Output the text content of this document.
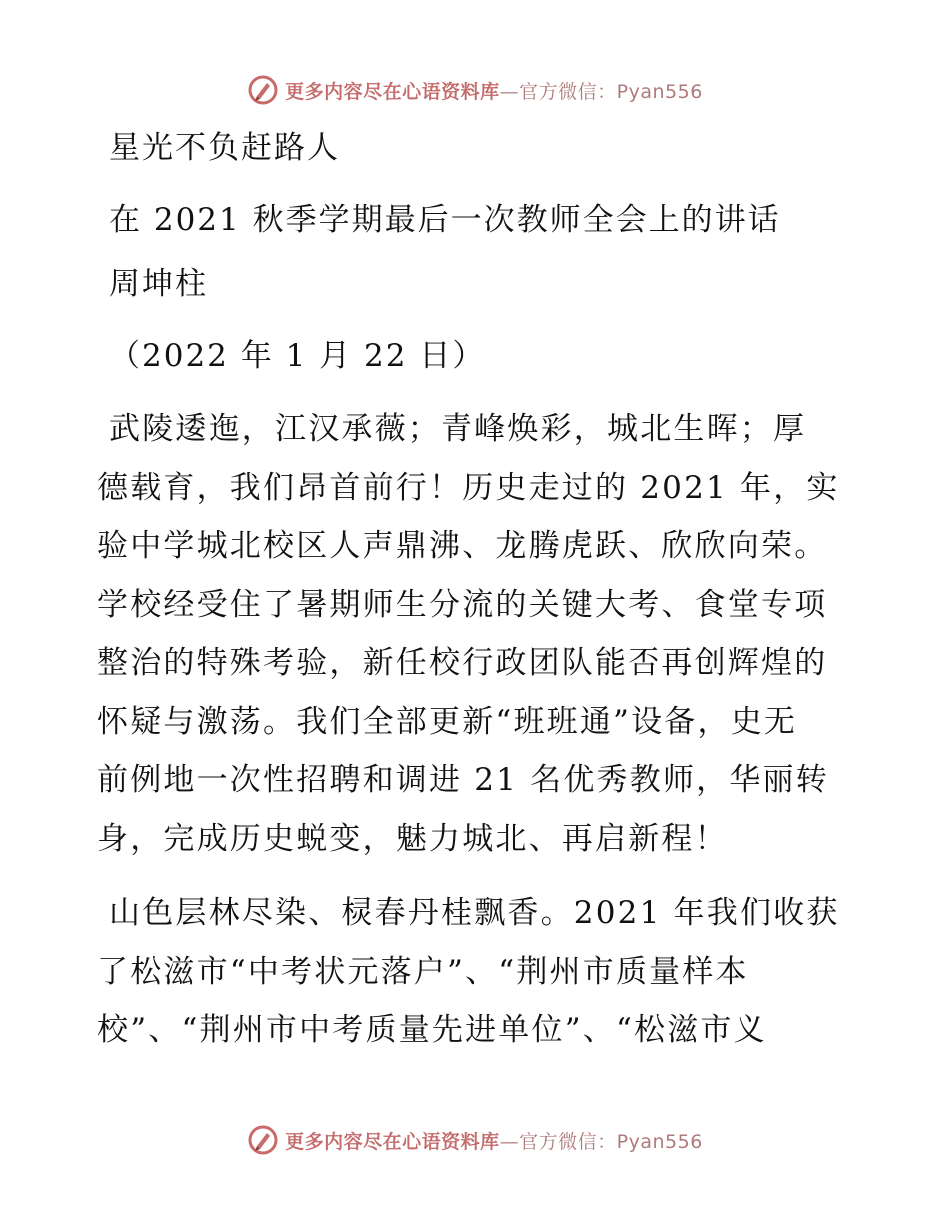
更多内容尽在心语资料库—官方微信：Pyan556
星光不负赶路人
在 2021 秋季学期最后一次教师全会上的讲话
周坤柱
（2022 年 1 月 22 日）
武陵逶迤，江汉承薇；青峰焕彩，城北生晖；厚
德载育，我们昂首前行！历史走过的 2021 年，实
验中学城北校区人声鼎沸、龙腾虎跃、欣欣向荣。
学校经受住了暑期师生分流的关键大考、食堂专项
整治的特殊考验，新任校行政团队能否再创辉煌的
怀疑与激荡。我们全部更新“班班通”设备，史无
前例地一次性招聘和调进 21 名优秀教师，华丽转
身，完成历史蜕变，魅力城北、再启新程！
山色层林尽染、棂春丹桂飘香。2021 年我们收获
了松滋市“中考状元落户”、“荆州市质量样本
校”、“荆州市中考质量先进单位”、“松滋市义
更多内容尽在心语资料库—官方微信：Pyan556
